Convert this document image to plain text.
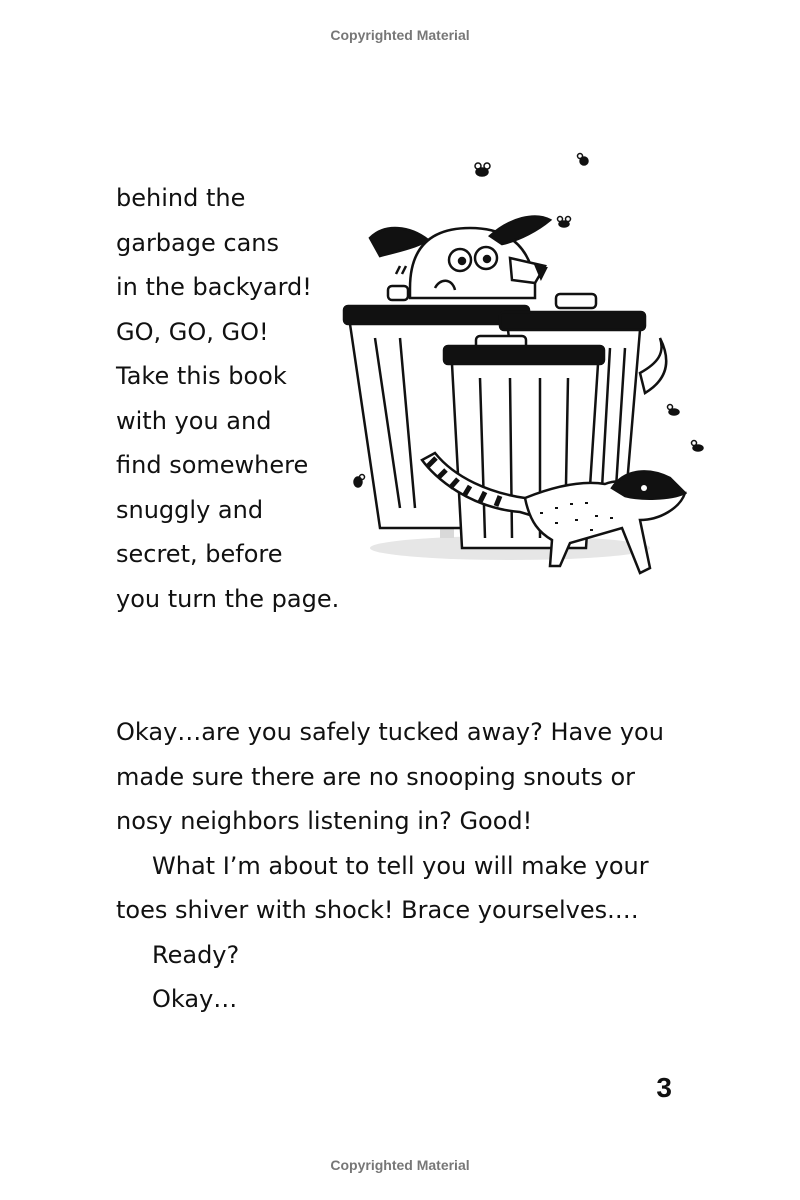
Copyrighted Material
behind the
garbage cans
in the backyard!
GO, GO, GO!
Take this book
with you and
find somewhere
snuggly and
secret, before
you turn the page.

Okay…are you safely tucked away? Have you made sure there are no snooping snouts or nosy neighbors listening in? Good!

What I’m about to tell you will make your toes shiver with shock! Brace yourselves.…

Ready?

Okay…

3
Copyrighted Material
